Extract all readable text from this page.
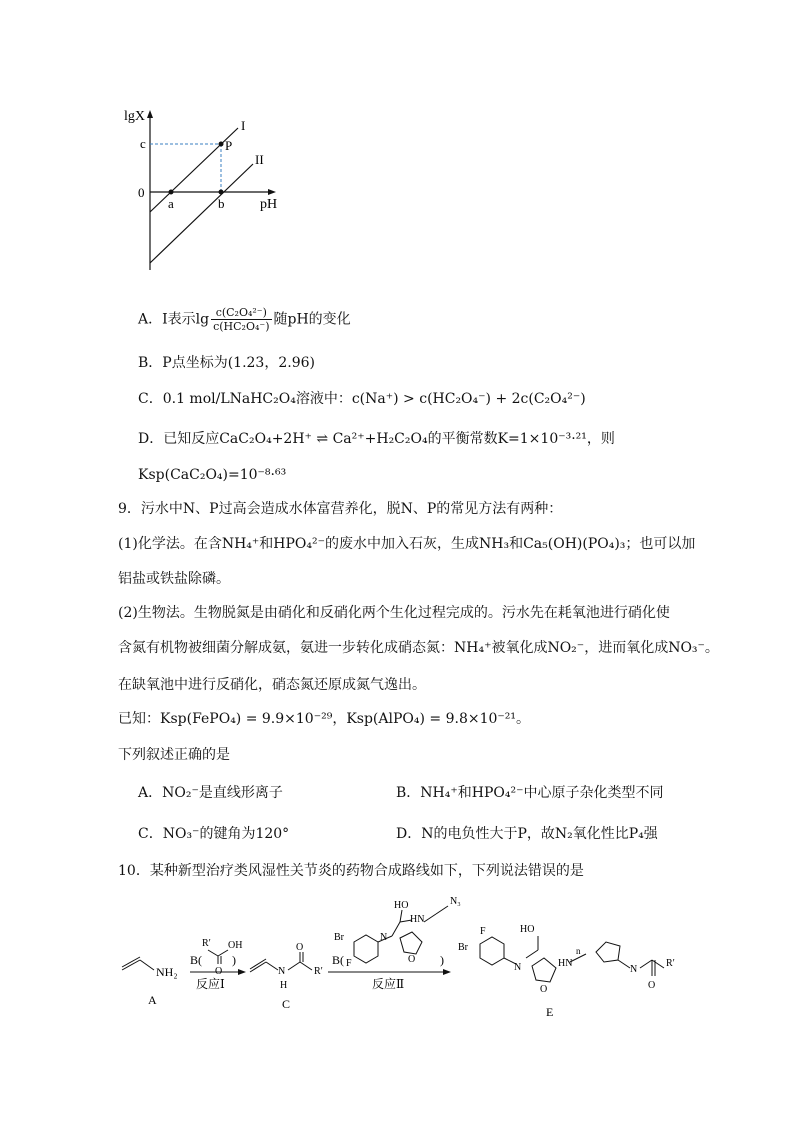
lgX
pH
c
0
a	b
P
I
II
A．Ⅰ表示$\lg \frac{\text{c(C₂O₄²⁻)}}{\text{c(HC₂O₄⁻)}}$ 随pH的变化
B．P点坐标为(1.23，2.96)
C．0.1 mol/LNaHC₂O₄溶液中：c(Na⁺) > c(HC₂O₄⁻) + 2c(C₂O₄²⁻)
D．已知反应CaC₂O₄+2H⁺ ⇌ Ca²⁺+H₂C₂O₄的平衡常数K=1×10⁻³·²¹，则
Ksp(CaC₂O₄)=10⁻⁸·⁶³
9．污水中N、P过高会造成水体富营养化，脱N、P的常见方法有两种：
(1)化学法。在含NH₄⁺和HPO₄²⁻的废水中加入石灰，生成NH₃和Ca₅(OH)(PO₄)₃；也可以加
铝盐或铁盐除磷。
(2)生物法。生物脱氮是由硝化和反硝化两个生化过程完成的。污水先在耗氧池进行硝化使
含氮有机物被细菌分解成氨，氨进一步转化成硝态氮：NH₄⁺被氧化成NO₂⁻，进而氧化成NO₃⁻。
在缺氧池中进行反硝化，硝态氮还原成氮气逸出。
已知：Ksp(FePO₄) = 9.9×10⁻²⁹，Ksp(AlPO₄) = 9.8×10⁻²¹。
下列叙述正确的是
A．NO₂⁻是直线形离子	B．NH₄⁺和HPO₄²⁻中心原子杂化类型不同
C．NO₃⁻的键角为120°	D．N的电负性大于P，故N₂氧化性比P₄强
10．某种新型治疗类风湿性关节炎的药物合成路线如下，下列说法错误的是
NH₂
A
B(
R′ OH
O
)
反应Ⅰ
N
H
R′
O
C
B(
Br
F
N
HO
HN
N₃
O )
反应Ⅱ
Br
F
N
HO
HN
n
N
R′
O
O
E
